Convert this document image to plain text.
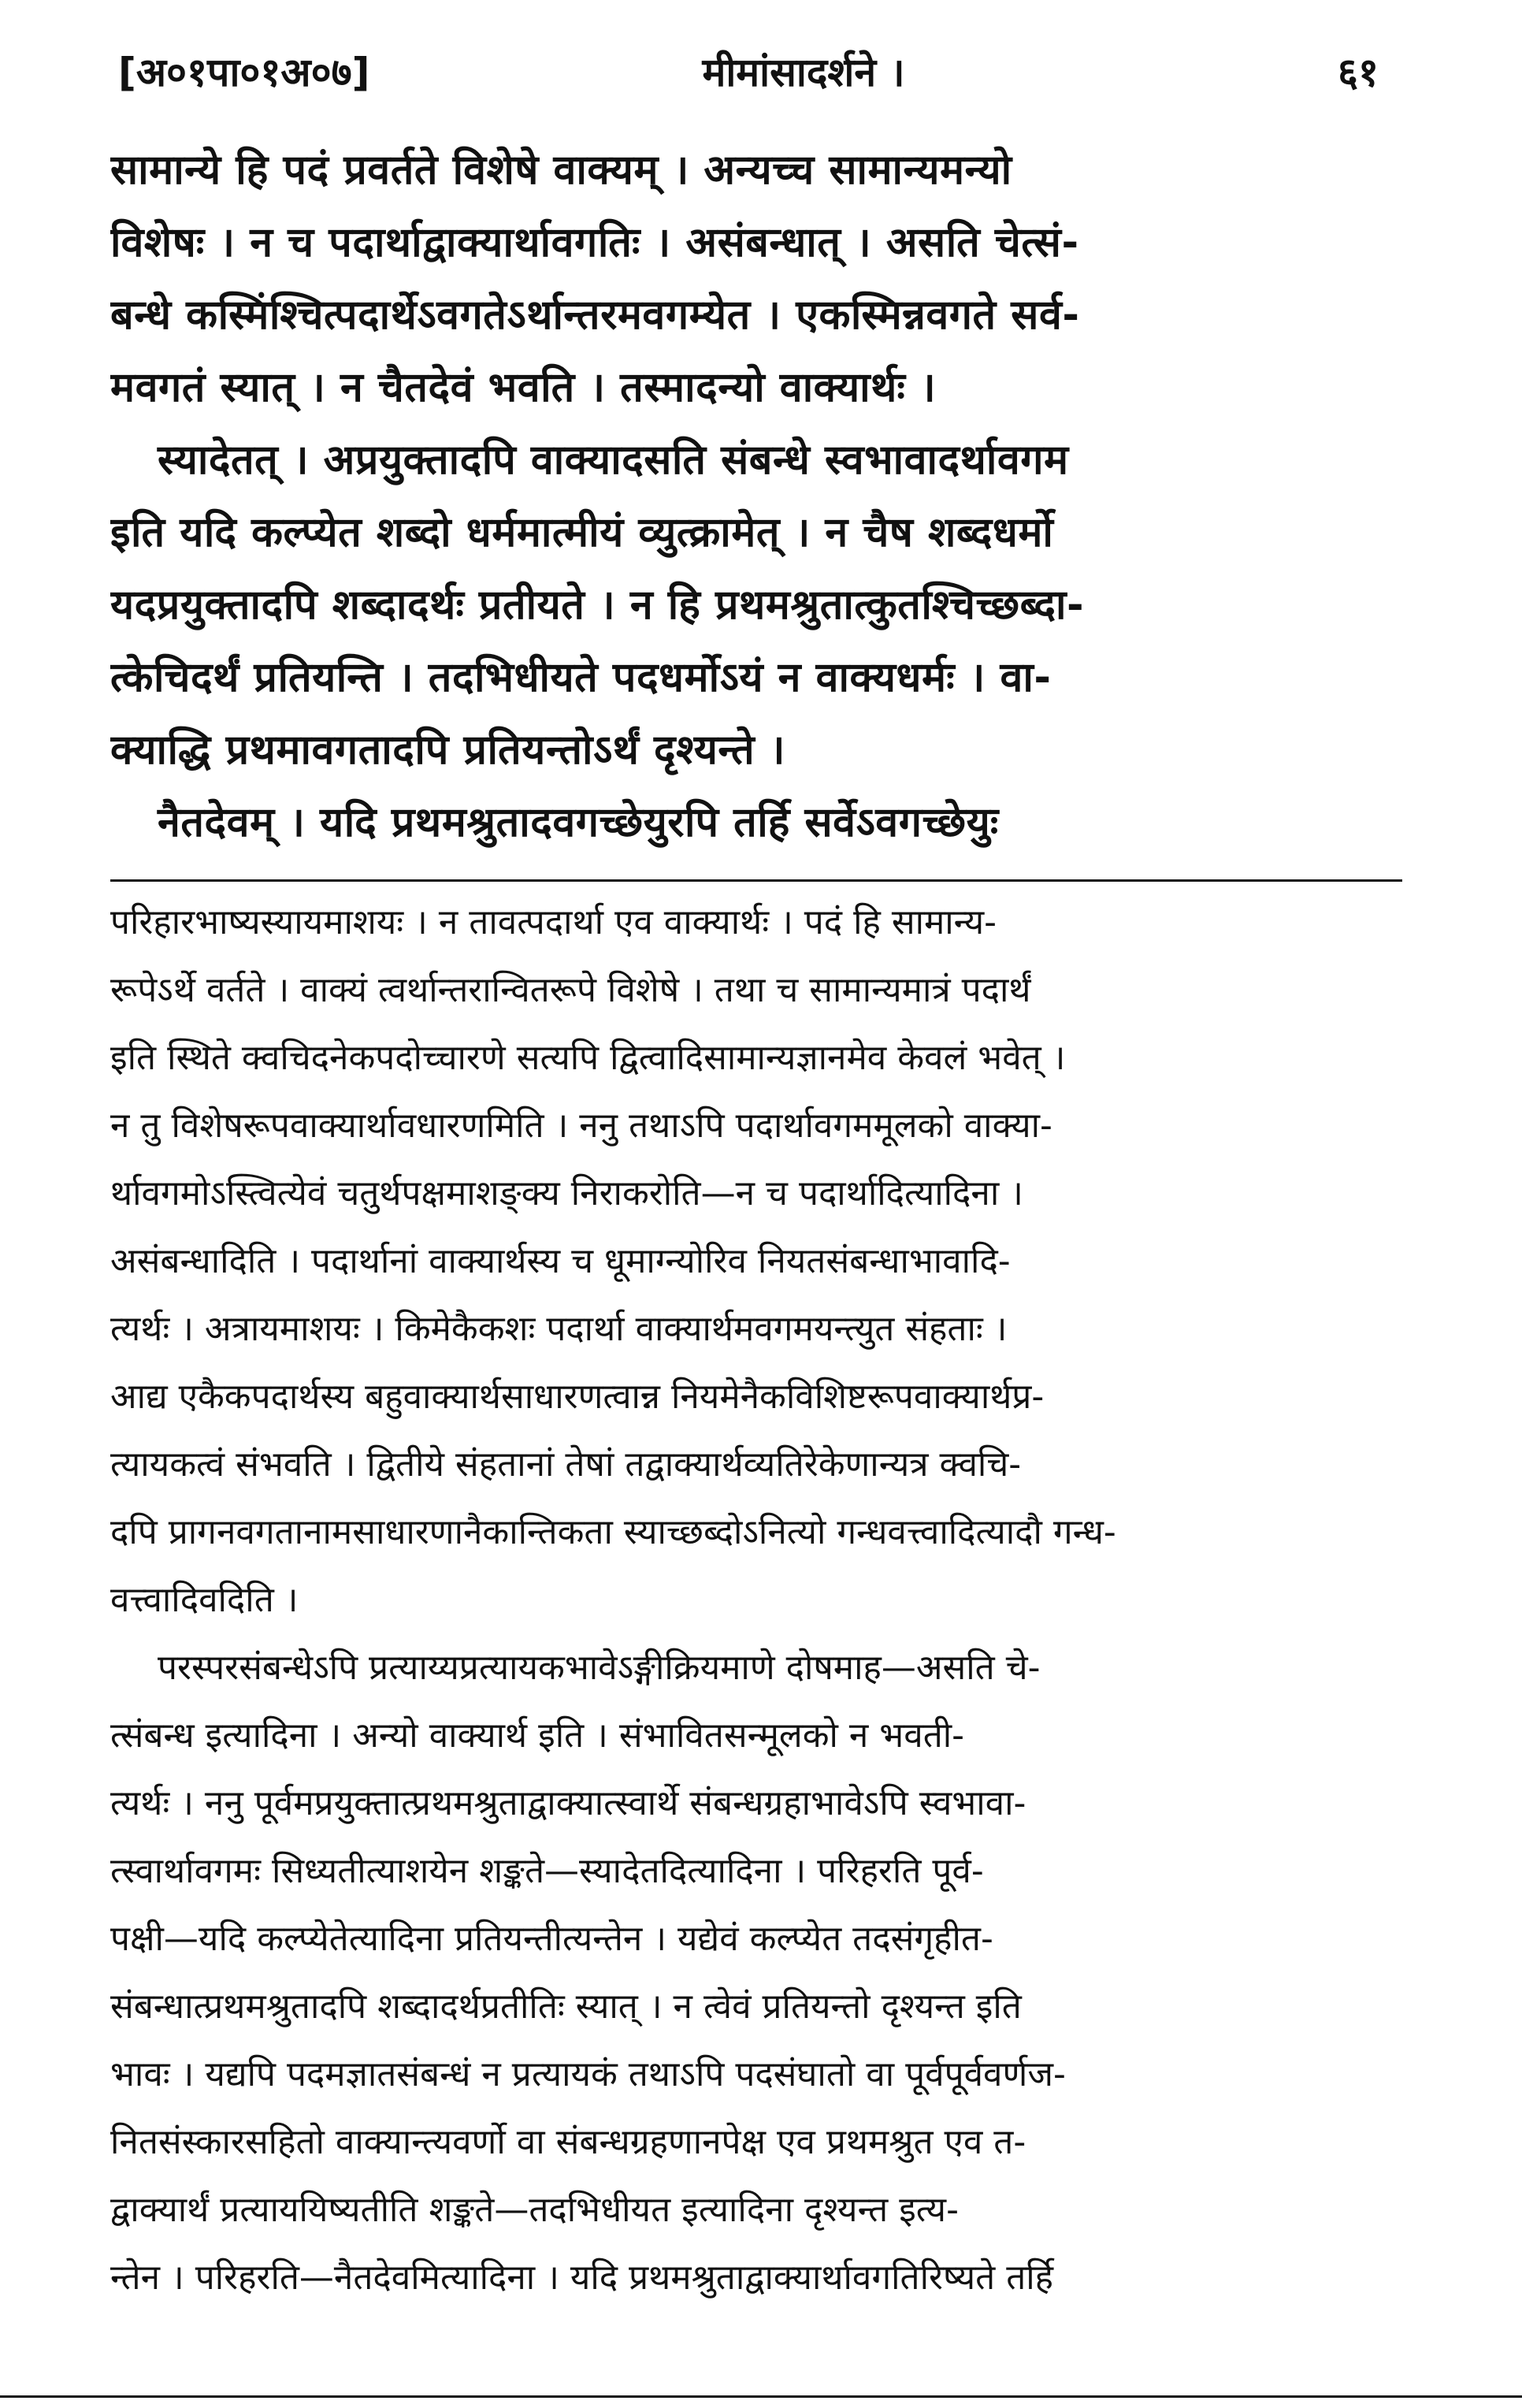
[अ०१पा०१अ०७]	मीमांसादर्शने ।	६१
सामान्ये हि पदं प्रवर्तते विशेषे वाक्यम् । अन्यच्च सामान्यमन्यो
विशेषः । न च पदार्थाद्वाक्यार्थावगतिः । असंबन्धात् । असति चेत्सं-
बन्धे कस्मिंश्चित्पदार्थेऽवगतेऽर्थान्तरमवगम्येत । एकस्मिन्नवगते सर्व-
मवगतं स्यात् । न चैतदेवं भवति । तस्मादन्यो वाक्यार्थः ।
स्यादेतत् । अप्रयुक्तादपि वाक्यादसति संबन्धे स्वभावादर्थावगम
इति यदि कल्प्येत शब्दो धर्ममात्मीयं व्युत्क्रामेत् । न चैष शब्दधर्मो
यदप्रयुक्तादपि शब्दादर्थः प्रतीयते । न हि प्रथमश्रुतात्कुतश्चिच्छब्दा-
त्केचिदर्थं प्रतियन्ति । तदभिधीयते पदधर्मोऽयं न वाक्यधर्मः । वा-
क्याद्धि प्रथमावगतादपि प्रतियन्तोऽर्थं दृश्यन्ते ।
नैतदेवम् । यदि प्रथमश्रुतादवगच्छेयुरपि तर्हि सर्वेऽवगच्छेयुः
परिहारभाष्यस्यायमाशयः । न तावत्पदार्था एव वाक्यार्थः । पदं हि सामान्य-
रूपेऽर्थे वर्तते । वाक्यं त्वर्थान्तरान्वितरूपे विशेषे । तथा च सामान्यमात्रं पदार्थं
इति स्थिते क्वचिदनेकपदोच्चारणे सत्यपि द्वित्वादिसामान्यज्ञानमेव केवलं भवेत् ।
न तु विशेषरूपवाक्यार्थावधारणमिति । ननु तथाऽपि पदार्थावगममूलको वाक्या-
र्थावगमोऽस्त्वित्येवं चतुर्थपक्षमाशङ्क्य निराकरोति—न च पदार्थादित्यादिना ।
असंबन्धादिति । पदार्थानां वाक्यार्थस्य च धूमाग्न्योरिव नियतसंबन्धाभावादि-
त्यर्थः । अत्रायमाशयः । किमेकैकशः पदार्था वाक्यार्थमवगमयन्त्युत संहताः ।
आद्य एकैकपदार्थस्य बहुवाक्यार्थसाधारणत्वान्न नियमेनैकविशिष्टरूपवाक्यार्थप्र-
त्यायकत्वं संभवति । द्वितीये संहतानां तेषां तद्वाक्यार्थव्यतिरेकेणान्यत्र क्वचि-
दपि प्रागनवगतानामसाधारणानैकान्तिकता स्याच्छब्दोऽनित्यो गन्धवत्त्वादित्यादौ गन्ध-
वत्त्वादिवदिति ।
परस्परसंबन्धेऽपि प्रत्याय्यप्रत्यायकभावेऽङ्गीक्रियमाणे दोषमाह—असति चे-
त्संबन्ध इत्यादिना । अन्यो वाक्यार्थ इति । संभावितसन्मूलको न भवती-
त्यर्थः । ननु पूर्वमप्रयुक्तात्प्रथमश्रुताद्वाक्यात्स्वार्थे संबन्धग्रहाभावेऽपि स्वभावा-
त्स्वार्थावगमः सिध्यतीत्याशयेन शङ्कते—स्यादेतदित्यादिना । परिहरति पूर्व-
पक्षी—यदि कल्प्येतेत्यादिना प्रतियन्तीत्यन्तेन । यद्येवं कल्प्येत तदसंगृहीत-
संबन्धात्प्रथमश्रुतादपि शब्दादर्थप्रतीतिः स्यात् । न त्वेवं प्रतियन्तो दृश्यन्त इति
भावः । यद्यपि पदमज्ञातसंबन्धं न प्रत्यायकं तथाऽपि पदसंघातो वा पूर्वपूर्ववर्णज-
नितसंस्कारसहितो वाक्यान्त्यवर्णो वा संबन्धग्रहणानपेक्ष एव प्रथमश्रुत एव त-
द्वाक्यार्थं प्रत्याययिष्यतीति शङ्कते—तदभिधीयत इत्यादिना दृश्यन्त इत्य-
न्तेन । परिहरति—नैतदेवमित्यादिना । यदि प्रथमश्रुताद्वाक्यार्थावगतिरिष्यते तर्हि
